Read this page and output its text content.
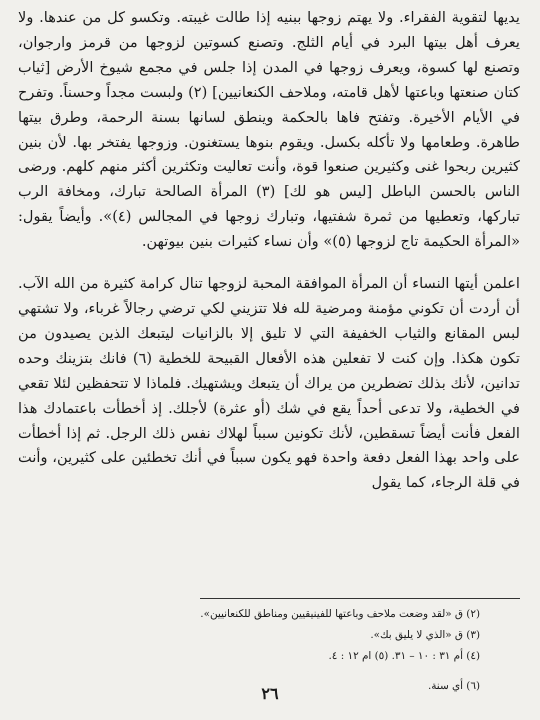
يديها لتقوية الفقراء. ولا يهتم زوجها ببنيه إذا طالت غيبته. وتكسو كل من عندها. ولا يعرف أهل بيتها البرد في أيام الثلج. وتصنع كسوتين لزوجها من قرمز وارجوان، وتصنع لها كسوة، ويعرف زوجها في المدن إذا جلس في مجمع شيوخ الأرض [ثياب كتان صنعتها وباعتها لأهل قامته، وملاحف الكنعانيين] (٢) ولبست مجداً وحسناً. وتفرح في الأيام الأخيرة. وتفتح فاها بالحكمة وينطق لسانها بسنة الرحمة، وطرق بيتها طاهرة. وطعامها ولا تأكله بكسل. ويقوم بنوها يستغنون. وزوجها يفتخر بها. لأن بنين كثيرين ربحوا غنى وكثيرين صنعوا قوة، وأنت تعاليت وتكثرين أكثر منهم كلهم. ورضى الناس بالحسن الباطل [ليس هو لك] (٣) المرأة الصالحة تبارك، ومخافة الرب تباركها، وتعطيها من ثمرة شفتيها، وتبارك زوجها في المجالس (٤)». وأيضاً يقول: «المرأة الحكيمة تاج لزوجها (٥)» وأن نساء كثيرات بنين بيوتهن.

اعلمن أيتها النساء أن المرأة الموافقة المحبة لزوجها تنال كرامة كثيرة من الله الآب. أن أردت أن تكوني مؤمنة ومرضية لله فلا تتزيني لكي ترضي رجالاً غرباء، ولا تشتهي لبس المقانع والثياب الخفيفة التي لا تليق إلا بالزانيات ليتبعك الذين يصيدون من تكون هكذا. وإن كنت لا تفعلين هذه الأفعال القبيحة للخطية (٦) فانك بتزينك وحده تدانين، لأنك بذلك تضطرين من يراك أن يتبعك ويشتهيك. فلماذا لا تتحفظين لئلا تقعي في الخطية، ولا تدعى أحداً يقع في شك (أو عثرة) لأجلك. إذ أخطأت باعتمادك هذا الفعل فأنت أيضاً تسقطين، لأنك تكونين سبباً لهلاك نفس ذلك الرجل. ثم إذا أخطأت على واحد بهذا الفعل دفعة واحدة فهو يكون سبباً في أنك تخطئين على كثيرين، وأنت في قلة الرجاء، كما يقول

(٢) ق «لقد وضعت ملاحف وباعتها للفينيقيين ومناطق للكنعانيين».

(٣) ق «الذي لا يليق بك».

(٤) أم ٣١ : ١٠ – ٣١. (٥) ام ١٢ : ٤.

(٦) أي سنة.

٢٦
